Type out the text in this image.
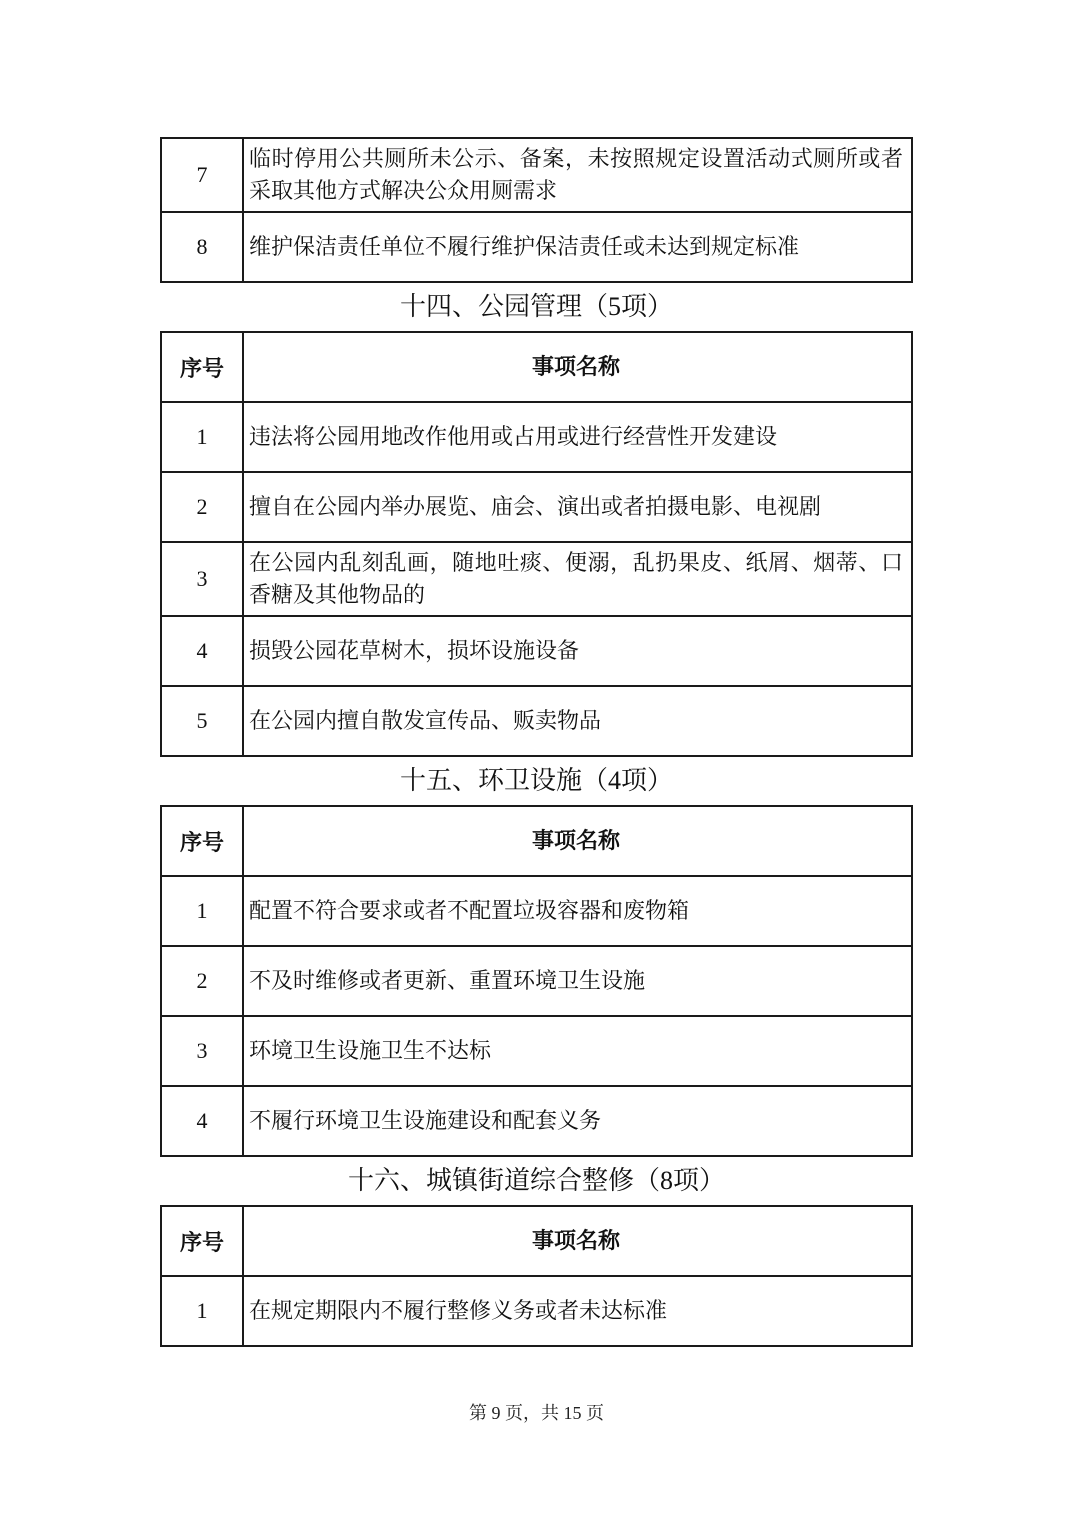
7	临时停用公共厕所未公示、备案，未按照规定设置活动式厕所或者采取其他方式解决公众用厕需求
8	维护保洁责任单位不履行维护保洁责任或未达到规定标准
十四、公园管理（5项）
序号	事项名称
1	违法将公园用地改作他用或占用或进行经营性开发建设
2	擅自在公园内举办展览、庙会、演出或者拍摄电影、电视剧
3	在公园内乱刻乱画，随地吐痰、便溺，乱扔果皮、纸屑、烟蒂、口香糖及其他物品的
4	损毁公园花草树木，损坏设施设备
5	在公园内擅自散发宣传品、贩卖物品
十五、环卫设施（4项）
序号	事项名称
1	配置不符合要求或者不配置垃圾容器和废物箱
2	不及时维修或者更新、重置环境卫生设施
3	环境卫生设施卫生不达标
4	不履行环境卫生设施建设和配套义务
十六、城镇街道综合整修（8项）
序号	事项名称
1	在规定期限内不履行整修义务或者未达标准
第 9 页，共 15 页
